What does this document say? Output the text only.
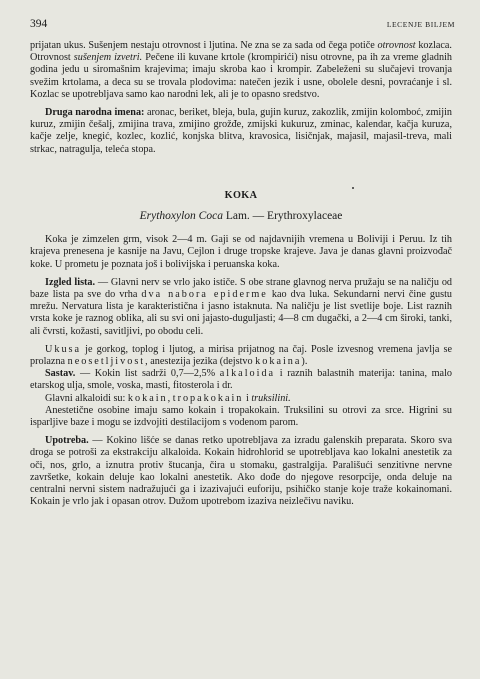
394	LECENJE BILJEM

prijatan ukus. Sušenjem nestaju otrovnost i ljutina. Ne zna se za sada od čega potiče otrovnost kozlaca. Otrovnost sušenjem izvetri. Pečene ili kuvane krtole (krompirići) nisu otrovne, pa ih za vreme gladnih godina jedu u siromašnim krajevima; imaju skroba kao i krompir. Zabeleženi su slučajevi trovanja svežim krtolama, a deca su se trovala plodovima: natečen jezik i usne, obolele desni, povraćanje i sl. Kozlac se upotrebljava samo kao narodni lek, ali je to opasno sredstvo.

Druga narodna imena: aronac, beriket, bleja, bula, gujin kuruz, zakozlik, zmijin kolomboć, zmijin kuruz, zmijin češalj, zmijina trava, zmijino grožđe, zmijski kukuruz, zminac, kalendar, kačja kuruza, kačje zelje, knegić, kozlec, kozlić, konjska blitva, kravosica, lisičnjak, majasil, majasil-treva, mali strkac, natragulja, teleća stopa.

KOKA
Erythoxylon Coca Lam. — Erythroxylaceae

Koka je zimzelen grm, visok 2—4 m. Gaji se od najdavnijih vremena u Boliviji i Peruu. Iz tih krajeva prenesena je kasnije na Javu, Cejlon i druge tropske krajeve. Java je danas glavni proizvođač koke. U prometu je poznata još i bolivijska i peruanska koka.

Izgled lista. — Glavni nerv se vrlo jako ističe. S obe strane glavnog nerva pružaju se na naličju od baze lista pa sve do vrha dva nabora epiderme kao dva luka. Sekundarni nervi čine gustu mrežu. Nervatura lista je karakteristična i jasno istaknuta. Na naličju je list svetlije boje. List raznih vrsta koke je raznog oblika, ali su svi oni jajasto-duguljasti; 4—8 cm dugački, a 2—4 cm široki, tanki, ali čvrsti, kožasti, savitljivi, po obodu celi.

Ukusa je gorkog, toplog i ljutog, a mirisa prijatnog na čaj. Posle izvesnog vremena javlja se prolazna neosetljivost, anestezija jezika (dejstvo kokaina).

Sastav. — Kokin list sadrži 0,7—2,5% alkaloida i raznih balastnih materija: tanina, malo etarskog ulja, smole, voska, masti, fitosterola i dr.

Glavni alkaloidi su: kokain, tropakokain i truksilini.

Anestetične osobine imaju samo kokain i tropakokain. Truksilini su otrovi za srce. Higrini su isparljive baze i mogu se izdvojiti destilacijom s vodenom parom.

Upotreba. — Kokino lišće se danas retko upotrebljava za izradu galenskih preparata. Skoro sva droga se potroši za ekstrakciju alkaloida. Kokain hidrohlorid se upotrebljava kao lokalni anestetik za oči, nos, grlo, a iznutra protiv štucanja, čira u stomaku, gastralgija. Parališući senzitivne nervne završetke, kokain deluje kao lokalni anestetik. Ako dođe do njegove resorpcije, onda deluje na centralni nervni sistem nadražujući ga i izazivajući euforiju, psihičko stanje koje traže kokainomani. Kokain je vrlo jak i opasan otrov. Dužom upotrebom izaziva neizlečivu naviku.
